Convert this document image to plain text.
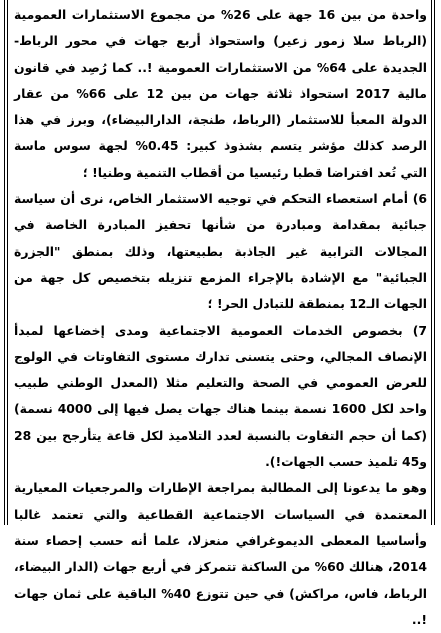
واحدة من بين 16 جهة على 26% من مجموع الاستثمارات العمومية (الرباط سلا زمور زعير) واستحواذ أربع جهات في محور الرباط- الجديدة على 64% من الاستثمارات العمومية !.. كما رُصِد في قانون مالية 2017 استحواذ ثلاثة جهات من بين 12 على 66% من عقار الدولة المعبأ للاستثمار (الرباط، طنجة، الدارالبيضاء)، وبرز في هذا الرصد كذلك مؤشر يتسم بشذوذ كبير: 0.45% لجهة سوس ماسة التي تُعد افتراضا قطبا رئيسيا من أقطاب التنمية وطنيا! ؛

6) أمام استعصاء التحكم في توجيه الاستثمار الخاص، نرى أن سياسة جبائية بمقدامة ومبادرة من شأنها تحفيز المبادرة الخاصة في المجالات الترابية غير الجاذبة بطبيعتها، وذلك بمنطق "الجزرة الجبائية" مع الإشادة بالإجراء المزمع تنزيله بتخصيص كل جهة من الجهات الـ12 بمنطقة للتبادل الحر! ؛

7) بخصوص الخدمات العمومية الاجتماعية ومدى إخضاعها لمبدأ الإنصاف المجالي، وحتى يتسنى تدارك مستوى التفاوتات في الولوج للعرض العمومي في الصحة والتعليم مثلا (المعدل الوطني طبيب واحد لكل 1600 نسمة بينما هناك جهات يصل فيها إلى 4000 نسمة) (كما أن حجم التفاوت بالنسبة لعدد التلاميذ لكل قاعة يتأرجح بين 28 و45 تلميذ حسب الجهات!).

وهو ما يدعونا إلى المطالبة بمراجعة الإطارات والمرجعيات المعيارية المعتمدة في السياسات الاجتماعية القطاعية والتي تعتمد غالبا وأساسيا المعطى الديموغرافي منعزلا، علما أنه حسب إحصاء سنة 2014، هنالك 60% من الساكنة تتمركز في أربع جهات (الدار البيضاء، الرباط، فاس، مراكش) في حين تتوزع 40% الباقية على ثمان جهات !..
